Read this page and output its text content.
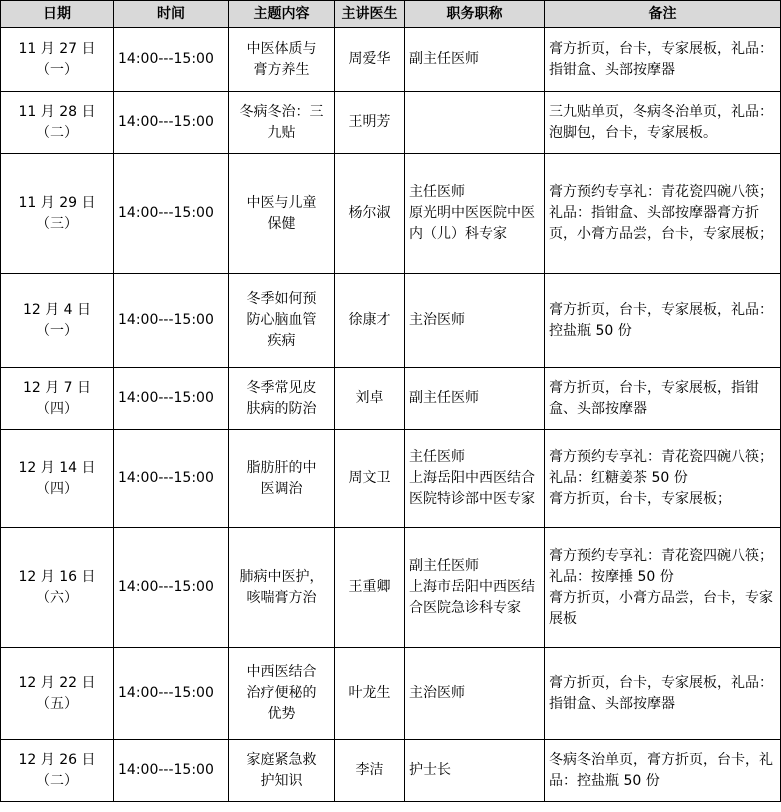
日期	时间	主题内容	主讲医生	职务职称	备注

11 月 27 日
（一）	14:00---15:00	中医体质与
膏方养生	周爱华	副主任医师	膏方折页，台卡，专家展板，礼品：指钳盒、头部按摩器

11 月 28 日
（二）	14:00---15:00	冬病冬治：三
九贴	王明芳		三九贴单页，冬病冬治单页，礼品：泡脚包，台卡，专家展板。

11 月 29 日
（三）	14:00---15:00	中医与儿童
保健	杨尔淑	主任医师
原光明中医医院中医内（儿）科专家	膏方预约专享礼：青花瓷四碗八筷；
礼品：指钳盒、头部按摩器膏方折页，小膏方品尝，台卡，专家展板；

12 月 4 日
（一）	14:00---15:00	冬季如何预
防心脑血管
疾病	徐康才	主治医师	膏方折页，台卡，专家展板，礼品：控盐瓶 50 份

12 月 7 日
（四）	14:00---15:00	冬季常见皮
肤病的防治	刘卓	副主任医师	膏方折页，台卡，专家展板，指钳盒、头部按摩器

12 月 14 日
（四）	14:00---15:00	脂肪肝的中
医调治	周文卫	主任医师
上海岳阳中西医结合医院特诊部中医专家	膏方预约专享礼：青花瓷四碗八筷；
礼品：红糖姜茶 50 份
膏方折页，台卡，专家展板；

12 月 16 日
（六）	14:00---15:00	肺病中医护，
咳喘膏方治	王重卿	副主任医师
上海市岳阳中西医结合医院急诊科专家	膏方预约专享礼：青花瓷四碗八筷；
礼品：按摩捶 50 份
膏方折页，小膏方品尝，台卡，专家展板

12 月 22 日
（五）	14:00---15:00	中西医结合
治疗便秘的
优势	叶龙生	主治医师	膏方折页，台卡，专家展板，礼品：指钳盒、头部按摩器

12 月 26 日
（二）	14:00---15:00	家庭紧急救
护知识	李洁	护士长	冬病冬治单页，膏方折页，台卡，礼品：控盐瓶 50 份
